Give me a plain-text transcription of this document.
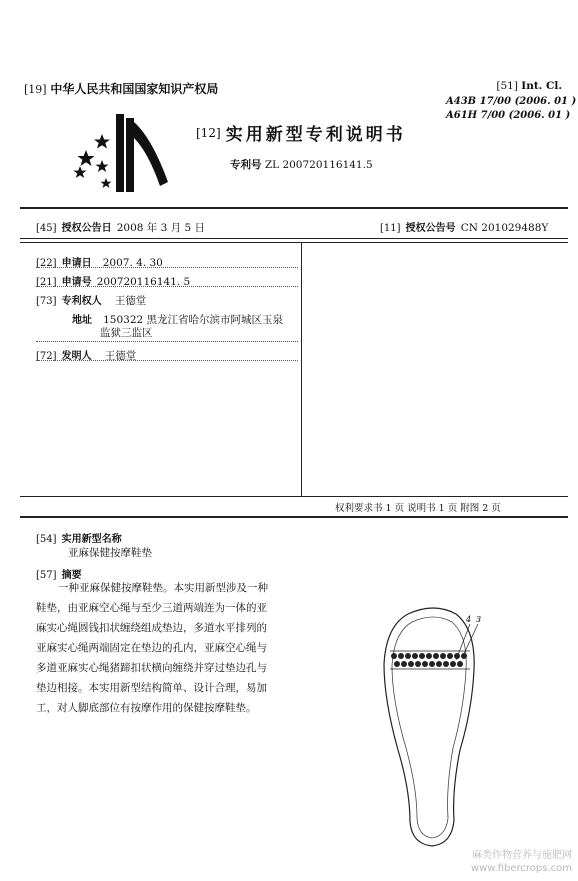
[19] 中华人民共和国国家知识产权局
[12] 实用新型专利说明书
专利号 ZL 200720116141.5
[51] Int. Cl.
A43B 17/00 (2006. 01 )
A61H 7/00 (2006. 01 )
[45] 授权公告日 2008 年 3 月 5 日	[11] 授权公告号 CN 201029488Y
[22] 申请日 2007. 4. 30
[21] 申请号 200720116141. 5
[73] 专利权人 王德堂
地址 150322 黑龙江省哈尔滨市阿城区玉泉
监狱三监区
[72] 发明人 王德堂
权利要求书 1 页 说明书 1 页 附图 2 页
[54] 实用新型名称
亚麻保健按摩鞋垫
[57] 摘要
一种亚麻保健按摩鞋垫。本实用新型涉及一种
鞋垫，由亚麻空心绳与至少三道两端连为一体的亚
麻实心绳圆钱扣状缠绕组成垫边，多道水平排列的
亚麻实心绳两端固定在垫边的孔内，亚麻空心绳与
多道亚麻实心绳猪蹄扣状横向缠绕并穿过垫边孔与
垫边相接。本实用新型结构简单、设计合理，易加
工，对人脚底部位有按摩作用的保健按摩鞋垫。
4 3
麻类作物营养与施肥网
www.fibercrops.com
